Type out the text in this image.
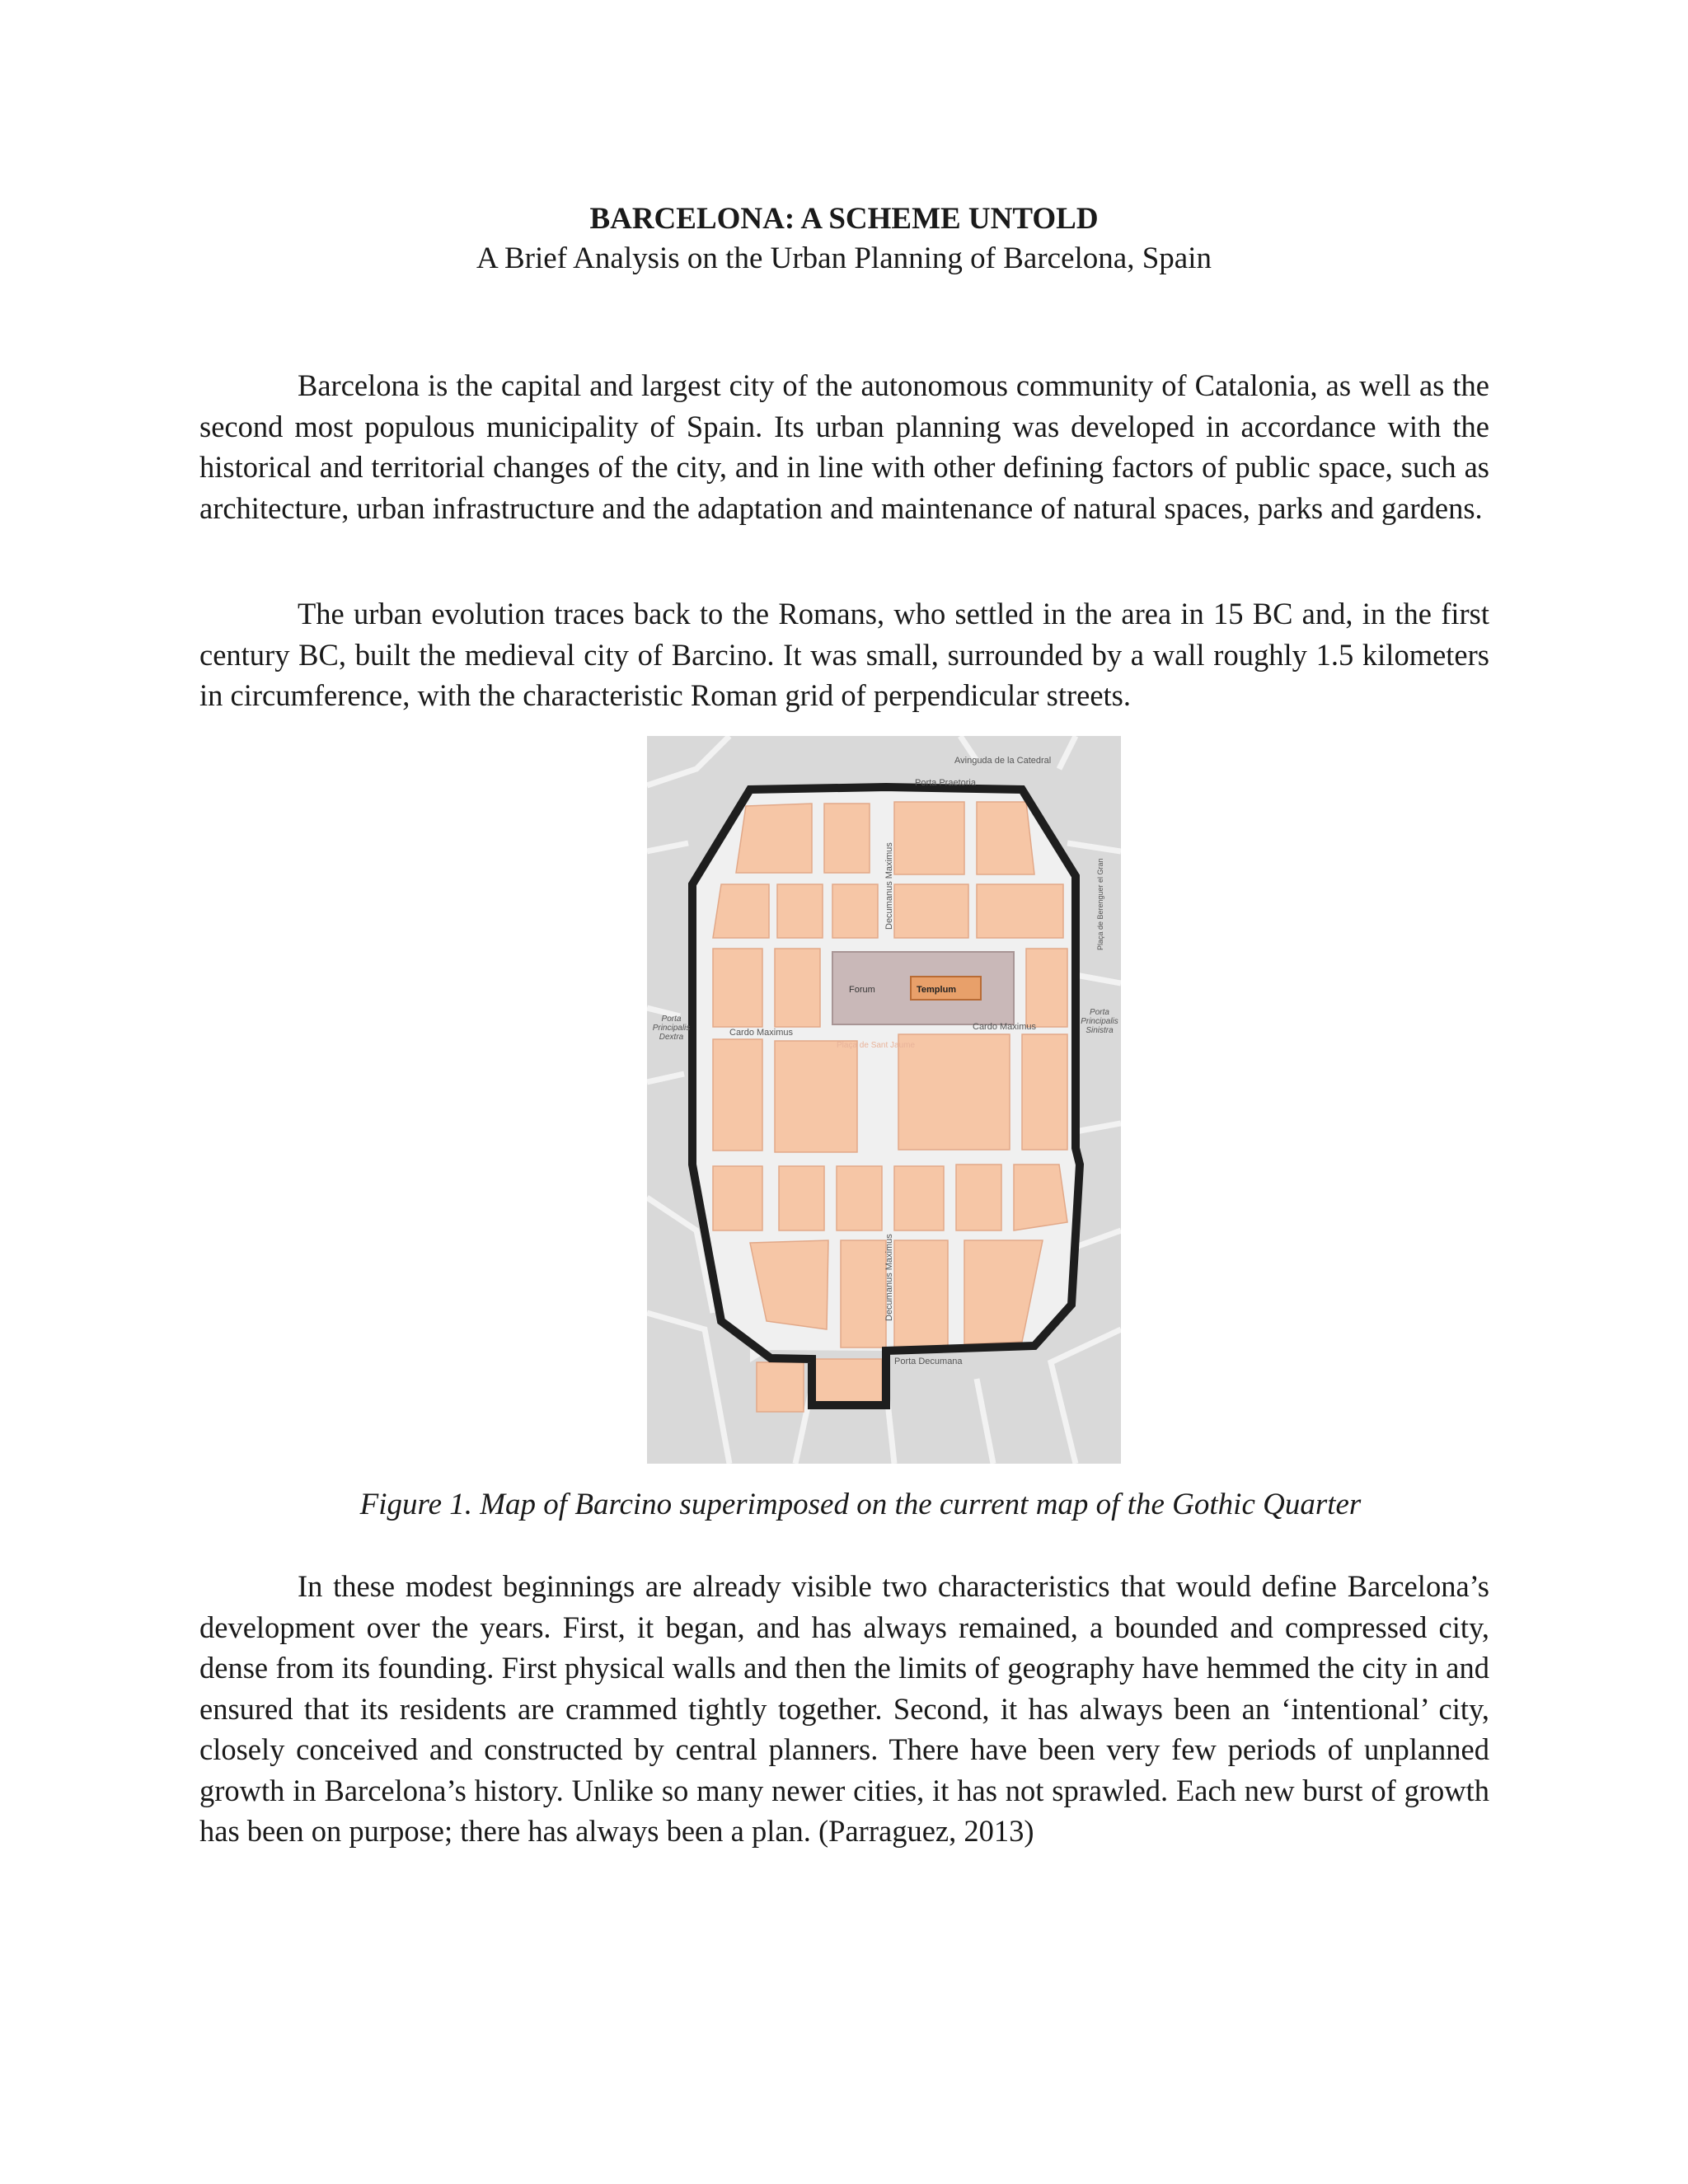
BARCELONA: A SCHEME UNTOLD
A Brief Analysis on the Urban Planning of Barcelona, Spain

Barcelona is the capital and largest city of the autonomous community of Catalonia, as well as the second most populous municipality of Spain. Its urban planning was developed in accordance with the historical and territorial changes of the city, and in line with other defining factors of public space, such as architecture, urban infrastructure and the adaptation and maintenance of natural spaces, parks and gardens.

The urban evolution traces back to the Romans, who settled in the area in 15 BC and, in the first century BC, built the medieval city of Barcino. It was small, surrounded by a wall roughly 1.5 kilometers in circumference, with the characteristic Roman grid of perpendicular streets.

Avinguda de la Catedral
Porta Praetoria
Decumanus Maximus
Decumanus Maximus
Forum	Templum
Cardo Maximus
Cardo Maximus
Porta Principalis Dextra
Porta Principalis Sinistra
Plaça de Berenguer el Gran
Plaça de Sant Jaume
Porta Decumana
Figure 1. Map of Barcino superimposed on the current map of the Gothic Quarter

In these modest beginnings are already visible two characteristics that would define Barcelona’s development over the years. First, it began, and has always remained, a bounded and compressed city, dense from its founding. First physical walls and then the limits of geography have hemmed the city in and ensured that its residents are crammed tightly together. Second, it has always been an ‘intentional’ city, closely conceived and constructed by central planners. There have been very few periods of unplanned growth in Barcelona’s history. Unlike so many newer cities, it has not sprawled. Each new burst of growth has been on purpose; there has always been a plan. (Parraguez, 2013)
